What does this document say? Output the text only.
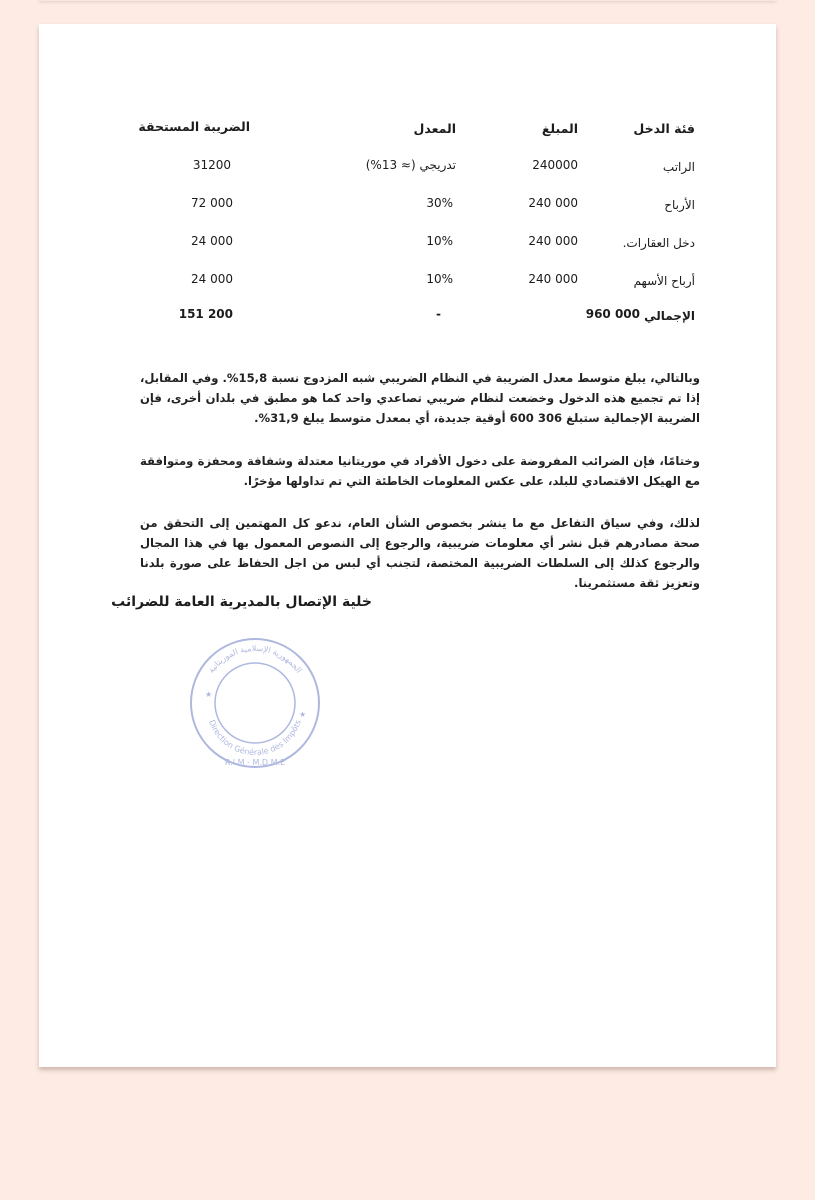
فئة الدخل
المبلغ
المعدل
الضريبة المستحقة
الراتب
240000
تدريجي (≈ 13%)
31200
الأرباح
240 000
30%
72 000
دخل العقارات.
240 000
10%
24 000
أرباح الأسهم
240 000
10%
24 000
الإجمالي
960 000
-
151 200

وبالتالي، يبلغ متوسط معدل الضريبة في النظام الضريبي شبه المزدوج نسبة 15,8%. وفي المقابل، إذا تم تجميع هذه الدخول وخضعت لنظام ضريبي تصاعدي واحد كما هو مطبق في بلدان أخرى، فإن الضريبة الإجمالية ستبلغ 306 600 أوقية جديدة، أي بمعدل متوسط يبلغ 31,9%.

وختامًا، فإن الضرائب المفروضة على دخول الأفراد في موريتانيا معتدلة وشفافة ومحفزة ومتوافقة مع الهيكل الاقتصادي للبلد، على عكس المعلومات الخاطئة التي تم تداولها مؤخرًا.

لذلك، وفي سياق التفاعل مع ما ينشر بخصوص الشأن العام، ندعو كل المهتمين إلى التحقق من صحة مصادرهم قبل نشر أي معلومات ضريبية، والرجوع إلى النصوص المعمول بها في هذا المجال والرجوع كذلك إلى السلطات الضريبية المختصة، لتجنب أي لبس من اجل الحفاظ على صورة بلدنا وتعزيز ثقة مستثمرينا.

خلية الإتصال بالمديرية العامة للضرائب
الجمهورية الإسلامية الموريتانية
Direction Générale des Impôts
R.I.M - M.D.M.E
★
★
